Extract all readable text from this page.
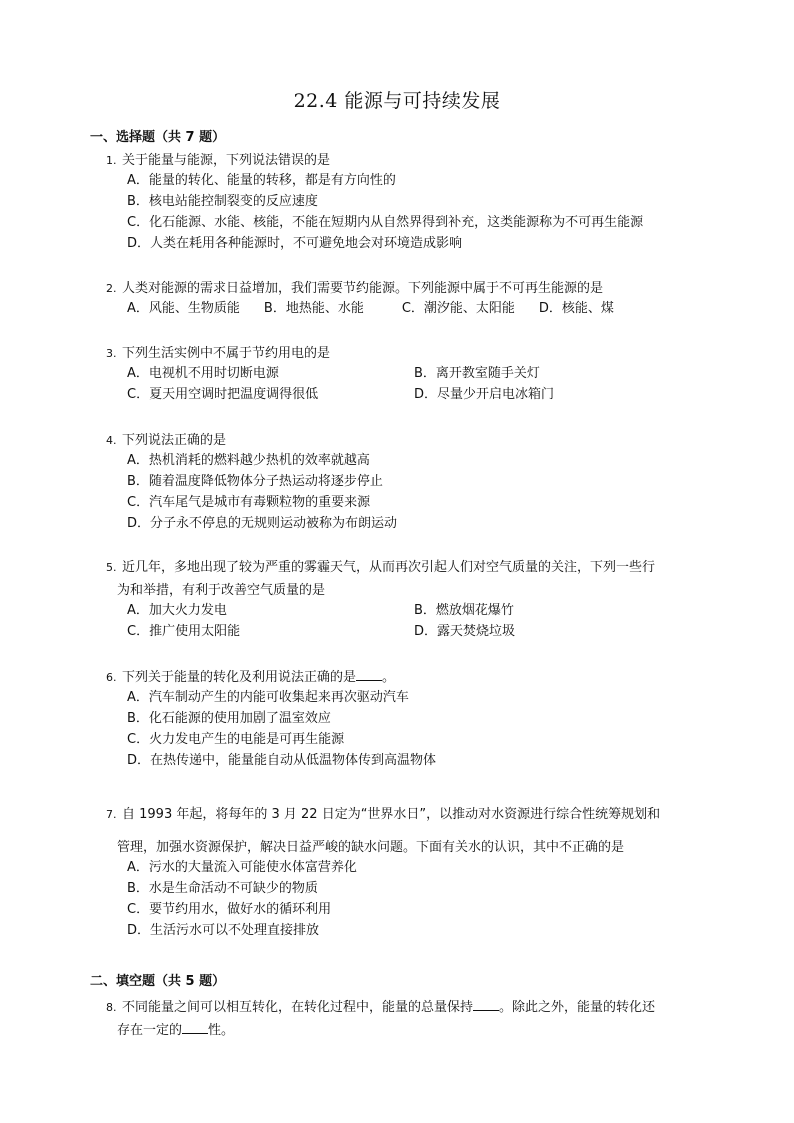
22.4 能源与可持续发展
一、选择题（共 7 题）
1. 关于能量与能源，下列说法错误的是
A．能量的转化、能量的转移，都是有方向性的
B．核电站能控制裂变的反应速度
C．化石能源、水能、核能，不能在短期内从自然界得到补充，这类能源称为不可再生能源
D．人类在耗用各种能源时，不可避免地会对环境造成影响
2. 人类对能源的需求日益增加，我们需要节约能源。下列能源中属于不可再生能源的是
A．风能、生物质能 B．地热能、水能	C．潮汐能、太阳能 D．核能、煤
3. 下列生活实例中不属于节约用电的是
A．电视机不用时切断电源	B．离开教室随手关灯
C．夏天用空调时把温度调得很低	D．尽量少开启电冰箱门
4. 下列说法正确的是
A．热机消耗的燃料越少热机的效率就越高
B．随着温度降低物体分子热运动将逐步停止
C．汽车尾气是城市有毒颗粒物的重要来源
D．分子永不停息的无规则运动被称为布朗运动
5. 近几年，多地出现了较为严重的雾霾天气，从而再次引起人们对空气质量的关注，下列一些行
为和举措，有利于改善空气质量的是
A．加大火力发电	B．燃放烟花爆竹
C．推广使用太阳能	D．露天焚烧垃圾
6. 下列关于能量的转化及利用说法正确的是 。
A．汽车制动产生的内能可收集起来再次驱动汽车
B．化石能源的使用加剧了温室效应
C．火力发电产生的电能是可再生能源
D．在热传递中，能量能自动从低温物体传到高温物体
7. 自 1993 年起，将每年的 3 月 22 日定为“世界水日”，以推动对水资源进行综合性统筹规划和
管理，加强水资源保护，解决日益严峻的缺水问题。下面有关水的认识，其中不正确的是
A．污水的大量流入可能使水体富营养化
B．水是生命活动不可缺少的物质
C．要节约用水，做好水的循环利用
D．生活污水可以不处理直接排放
二、填空题（共 5 题）
8. 不同能量之间可以相互转化，在转化过程中，能量的总量保持 。除此之外，能量的转化还
存在一定的 性。
